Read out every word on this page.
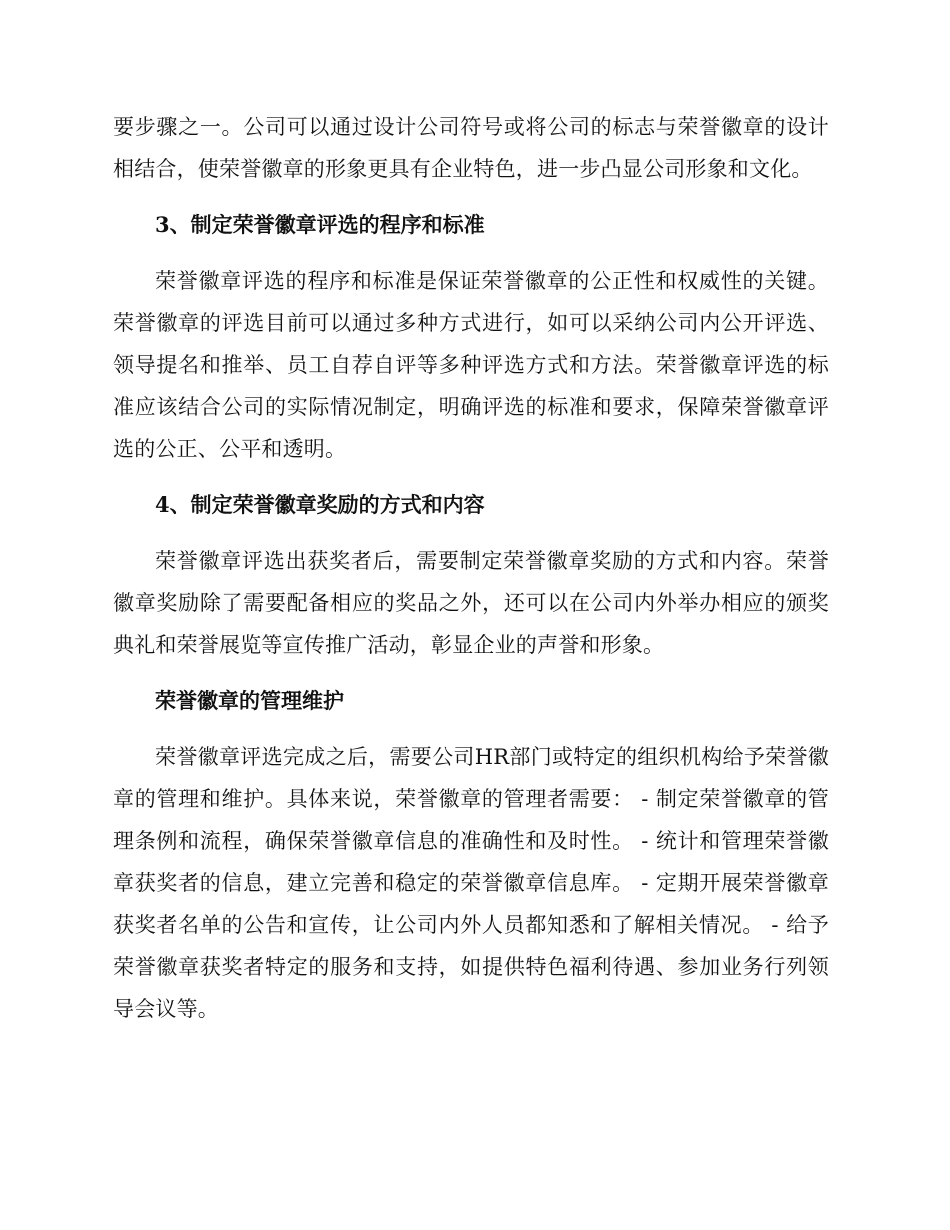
要步骤之一。公司可以通过设计公司符号或将公司的标志与荣誉徽章的设计相结合，使荣誉徽章的形象更具有企业特色，进一步凸显公司形象和文化。

3、制定荣誉徽章评选的程序和标准

荣誉徽章评选的程序和标准是保证荣誉徽章的公正性和权威性的关键。荣誉徽章的评选目前可以通过多种方式进行，如可以采纳公司内公开评选、领导提名和推举、员工自荐自评等多种评选方式和方法。荣誉徽章评选的标准应该结合公司的实际情况制定，明确评选的标准和要求，保障荣誉徽章评选的公正、公平和透明。

4、制定荣誉徽章奖励的方式和内容

荣誉徽章评选出获奖者后，需要制定荣誉徽章奖励的方式和内容。荣誉徽章奖励除了需要配备相应的奖品之外，还可以在公司内外举办相应的颁奖典礼和荣誉展览等宣传推广活动，彰显企业的声誉和形象。

荣誉徽章的管理维护

荣誉徽章评选完成之后，需要公司HR部门或特定的组织机构给予荣誉徽章的管理和维护。具体来说，荣誉徽章的管理者需要： - 制定荣誉徽章的管理条例和流程，确保荣誉徽章信息的准确性和及时性。 - 统计和管理荣誉徽章获奖者的信息，建立完善和稳定的荣誉徽章信息库。 - 定期开展荣誉徽章获奖者名单的公告和宣传，让公司内外人员都知悉和了解相关情况。 - 给予荣誉徽章获奖者特定的服务和支持，如提供特色福利待遇、参加业务行列领导会议等。
